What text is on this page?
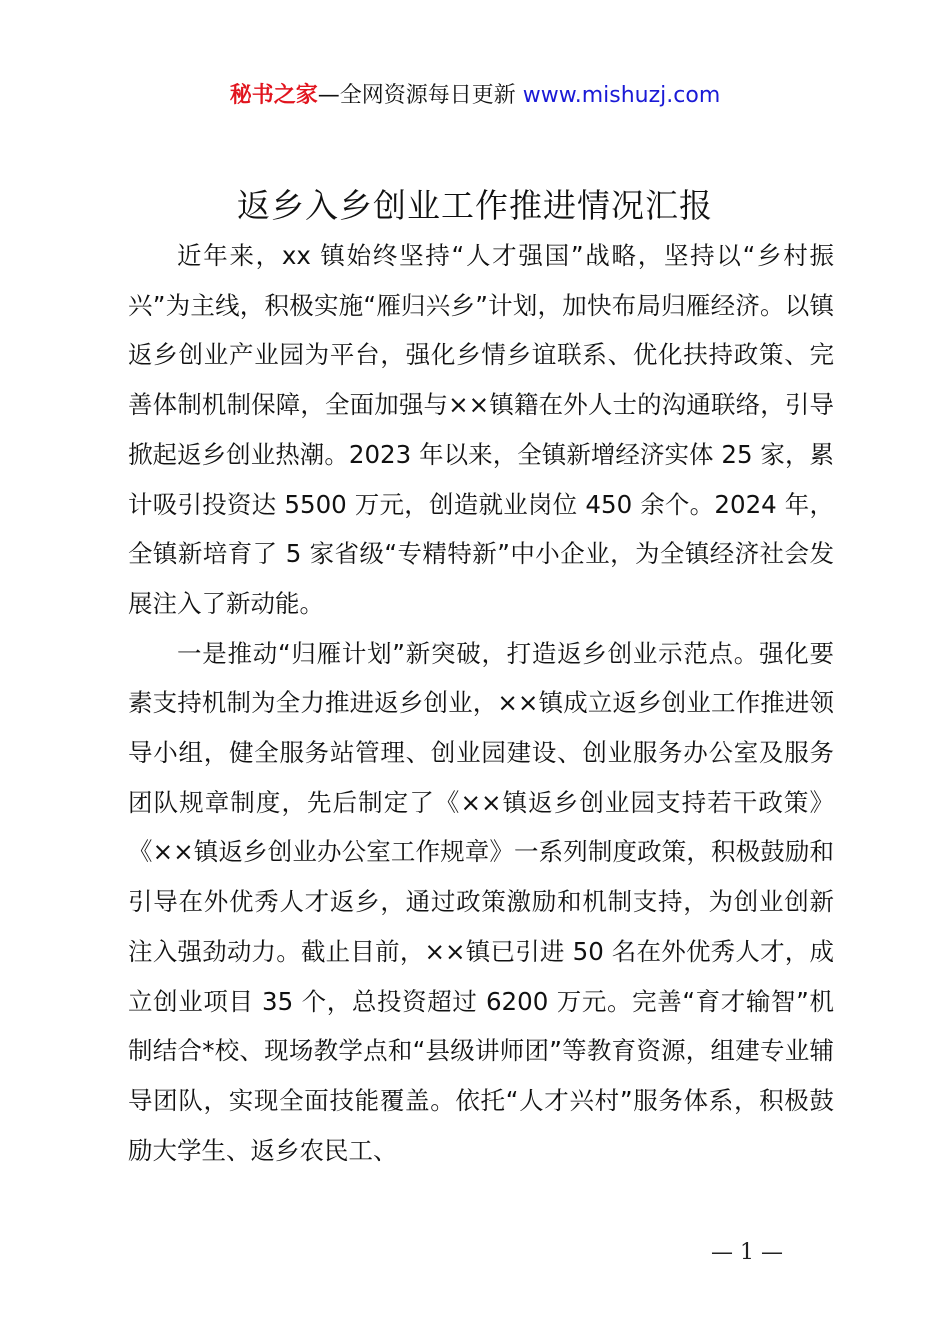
秘书之家—全网资源每日更新 www.mishuzj.com
返乡入乡创业工作推进情况汇报

近年来，xx 镇始终坚持“人才强国”战略，坚持以“乡村振兴”为主线，积极实施“雁归兴乡”计划，加快布局归雁经济。以镇返乡创业产业园为平台，强化乡情乡谊联系、优化扶持政策、完善体制机制保障，全面加强与××镇籍在外人士的沟通联络，引导掀起返乡创业热潮。2023 年以来，全镇新增经济实体 25 家，累计吸引投资达 5500 万元，创造就业岗位 450 余个。2024 年，全镇新培育了 5 家省级“专精特新”中小企业，为全镇经济社会发展注入了新动能。

一是推动“归雁计划”新突破，打造返乡创业示范点。强化要素支持机制为全力推进返乡创业，××镇成立返乡创业工作推进领导小组，健全服务站管理、创业园建设、创业服务办公室及服务团队规章制度，先后制定了《××镇返乡创业园支持若干政策》《××镇返乡创业办公室工作规章》一系列制度政策，积极鼓励和引导在外优秀人才返乡，通过政策激励和机制支持，为创业创新注入强劲动力。截止目前，××镇已引进 50 名在外优秀人才，成立创业项目 35 个，总投资超过 6200 万元。完善“育才输智”机制结合*校、现场教学点和“县级讲师团”等教育资源，组建专业辅导团队，实现全面技能覆盖。依托“人才兴村”服务体系，积极鼓励大学生、返乡农民工、

— 1 —
